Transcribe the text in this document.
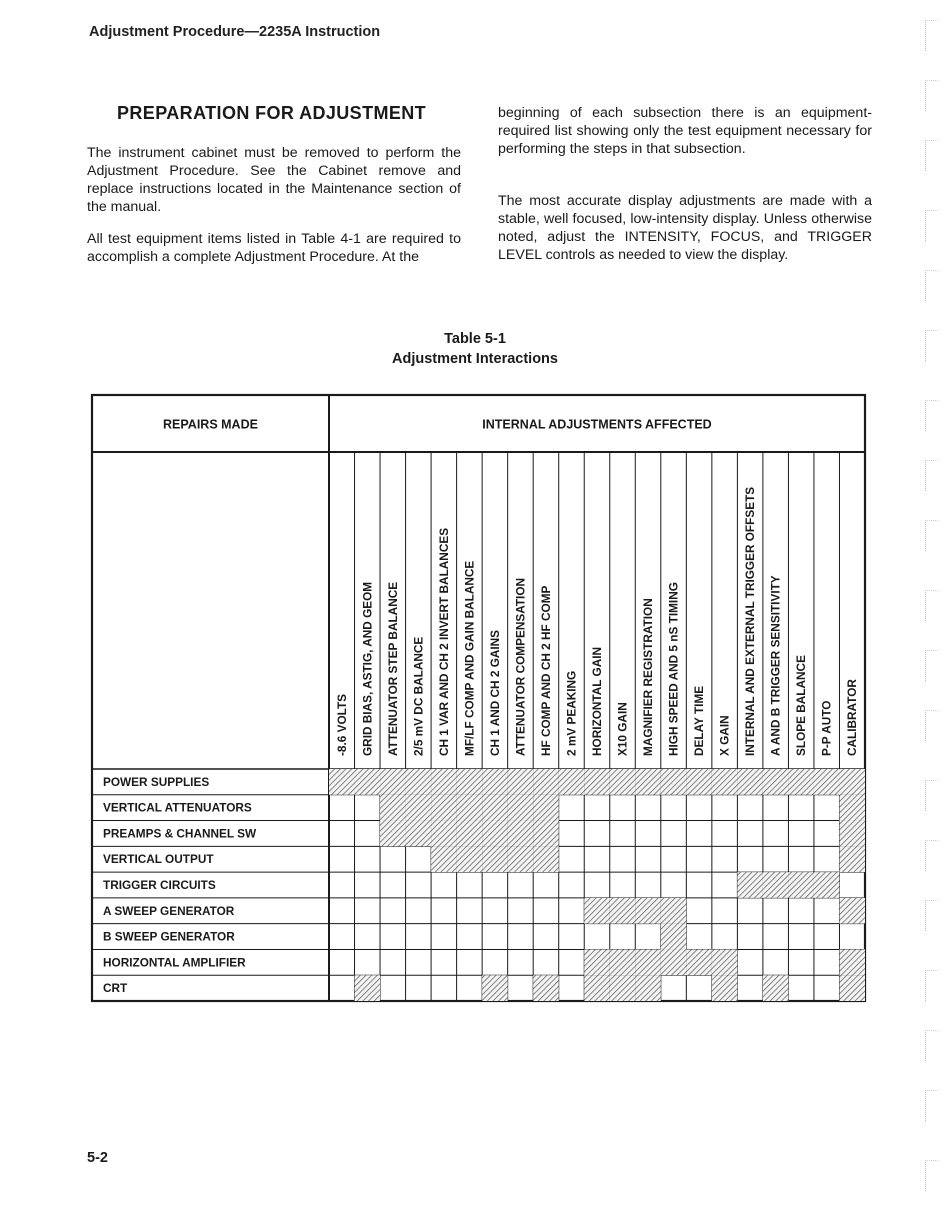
Adjustment Procedure—2235A Instruction
PREPARATION FOR ADJUSTMENT

The instrument cabinet must be removed to perform the Adjustment Procedure. See the Cabinet remove and replace instructions located in the Maintenance section of the manual.

All test equipment items listed in Table 4-1 are required to accomplish a complete Adjustment Procedure. At the

beginning of each subsection there is an equipment-required list showing only the test equipment necessary for performing the steps in that subsection.

The most accurate display adjustments are made with a stable, well focused, low-intensity display. Unless otherwise noted, adjust the INTENSITY, FOCUS, and TRIGGER LEVEL controls as needed to view the display.

Table 5-1
Adjustment Interactions
REPAIRS MADE	INTERNAL ADJUSTMENTS AFFECTED
-8.6 VOLTS GRID BIAS, ASTIG, AND GEOM ATTENUATOR STEP BALANCE 2/5 mV DC BALANCE CH 1 VAR AND CH 2 INVERT BALANCES MF/LF COMP AND GAIN BALANCE CH 1 AND CH 2 GAINS ATTENUATOR COMPENSATION HF COMP AND CH 2 HF COMP 2 mV PEAKING HORIZONTAL GAIN X10 GAIN MAGNIFIER REGISTRATION HIGH SPEED AND 5 nS TIMING DELAY TIME X GAIN INTERNAL AND EXTERNAL TRIGGER OFFSETS A AND B TRIGGER SENSITIVITY SLOPE BALANCE P-P AUTO CALIBRATOR
POWER SUPPLIES
VERTICAL ATTENUATORS
PREAMPS & CHANNEL SW
VERTICAL OUTPUT
TRIGGER CIRCUITS
A SWEEP GENERATOR
B SWEEP GENERATOR
HORIZONTAL AMPLIFIER
CRT
5-2
